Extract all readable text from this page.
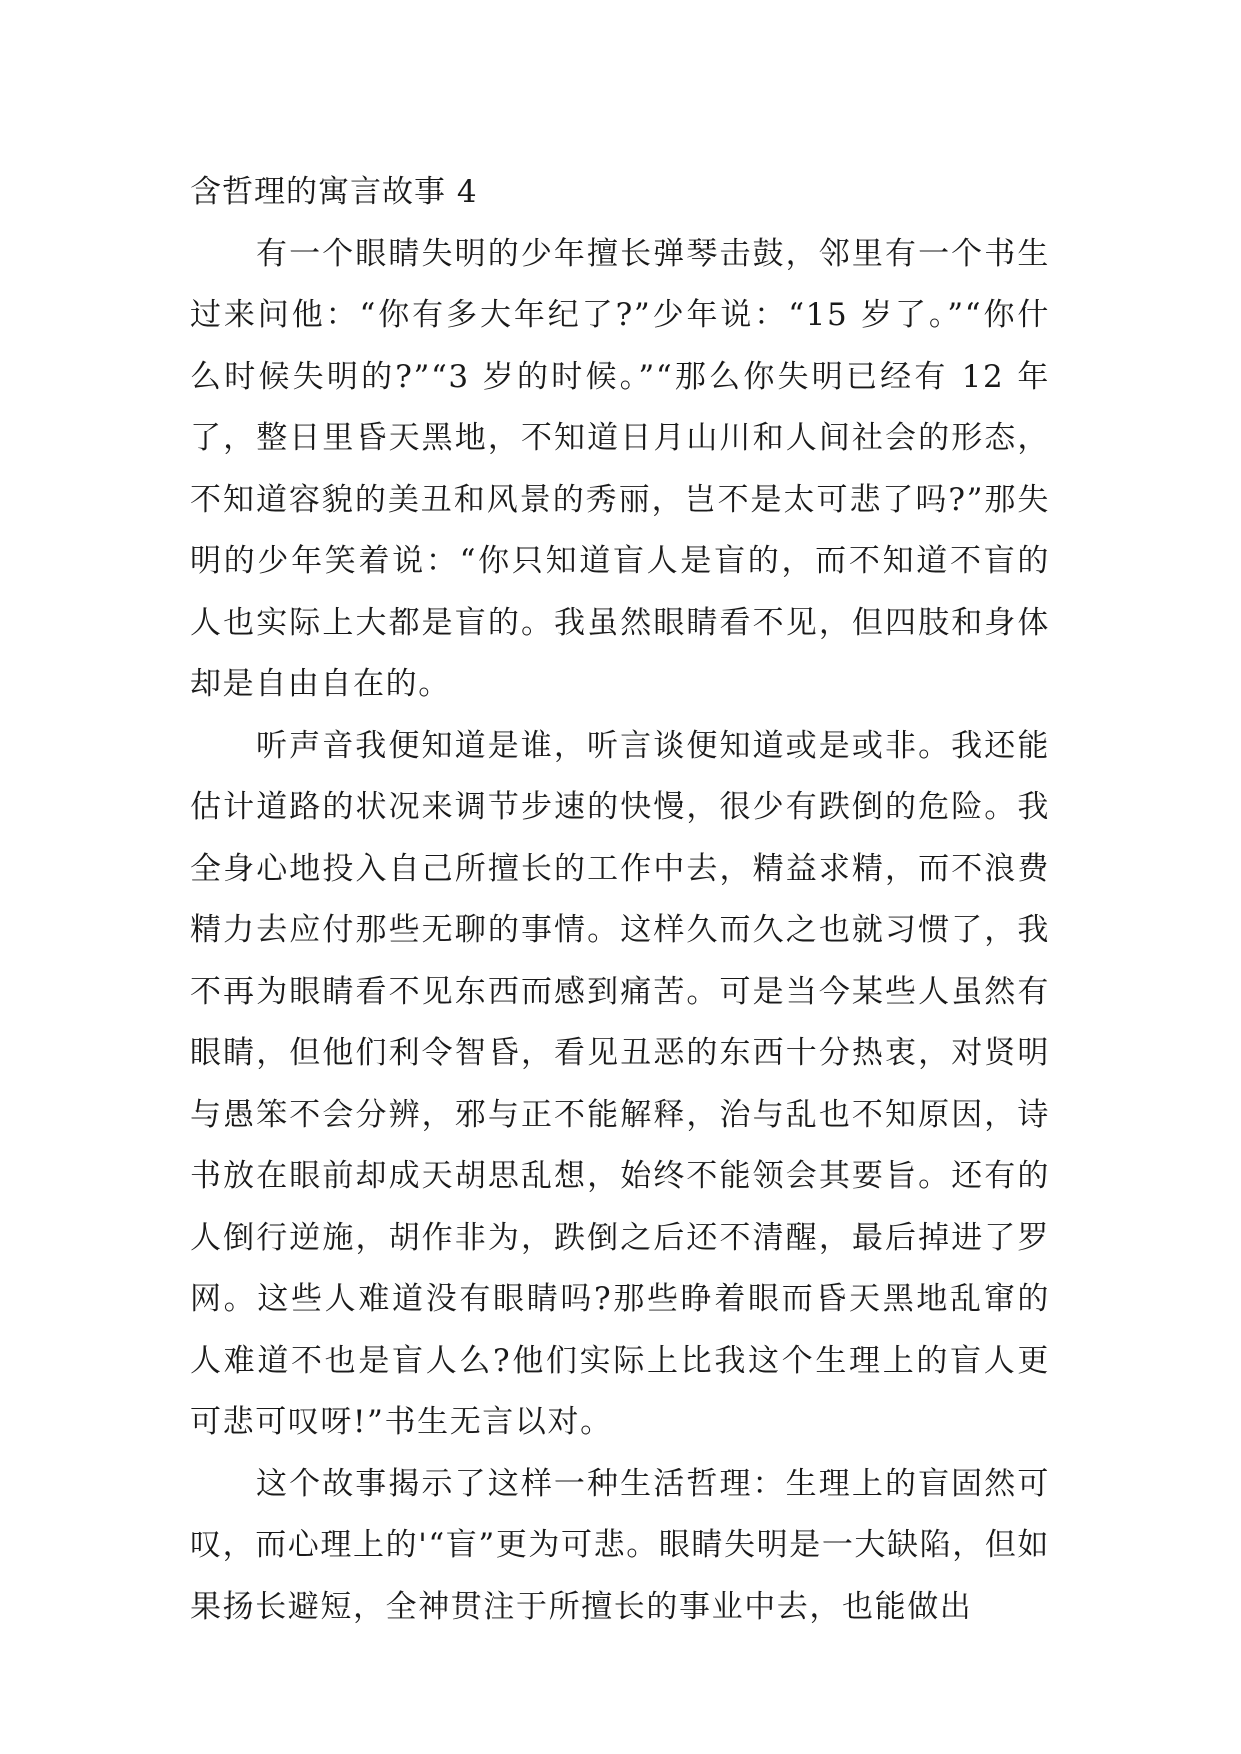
含哲理的寓言故事 4

有一个眼睛失明的少年擅长弹琴击鼓，邻里有一个书生过来问他：“你有多大年纪了?”少年说：“15 岁了。”“你什么时候失明的?”“3 岁的时候。”“那么你失明已经有 12 年了，整日里昏天黑地，不知道日月山川和人间社会的形态，不知道容貌的美丑和风景的秀丽，岂不是太可悲了吗?”那失明的少年笑着说：“你只知道盲人是盲的，而不知道不盲的人也实际上大都是盲的。我虽然眼睛看不见，但四肢和身体却是自由自在的。

听声音我便知道是谁，听言谈便知道或是或非。我还能估计道路的状况来调节步速的快慢，很少有跌倒的危险。我全身心地投入自己所擅长的工作中去，精益求精，而不浪费精力去应付那些无聊的事情。这样久而久之也就习惯了，我不再为眼睛看不见东西而感到痛苦。可是当今某些人虽然有眼睛，但他们利令智昏，看见丑恶的东西十分热衷，对贤明与愚笨不会分辨，邪与正不能解释，治与乱也不知原因，诗书放在眼前却成天胡思乱想，始终不能领会其要旨。还有的人倒行逆施，胡作非为，跌倒之后还不清醒，最后掉进了罗网。这些人难道没有眼睛吗?那些睁着眼而昏天黑地乱窜的人难道不也是盲人么?他们实际上比我这个生理上的盲人更可悲可叹呀!”书生无言以对。

这个故事揭示了这样一种生活哲理：生理上的盲固然可叹，而心理上的'“盲”更为可悲。眼睛失明是一大缺陷，但如果扬长避短，全神贯注于所擅长的事业中去，也能做出
